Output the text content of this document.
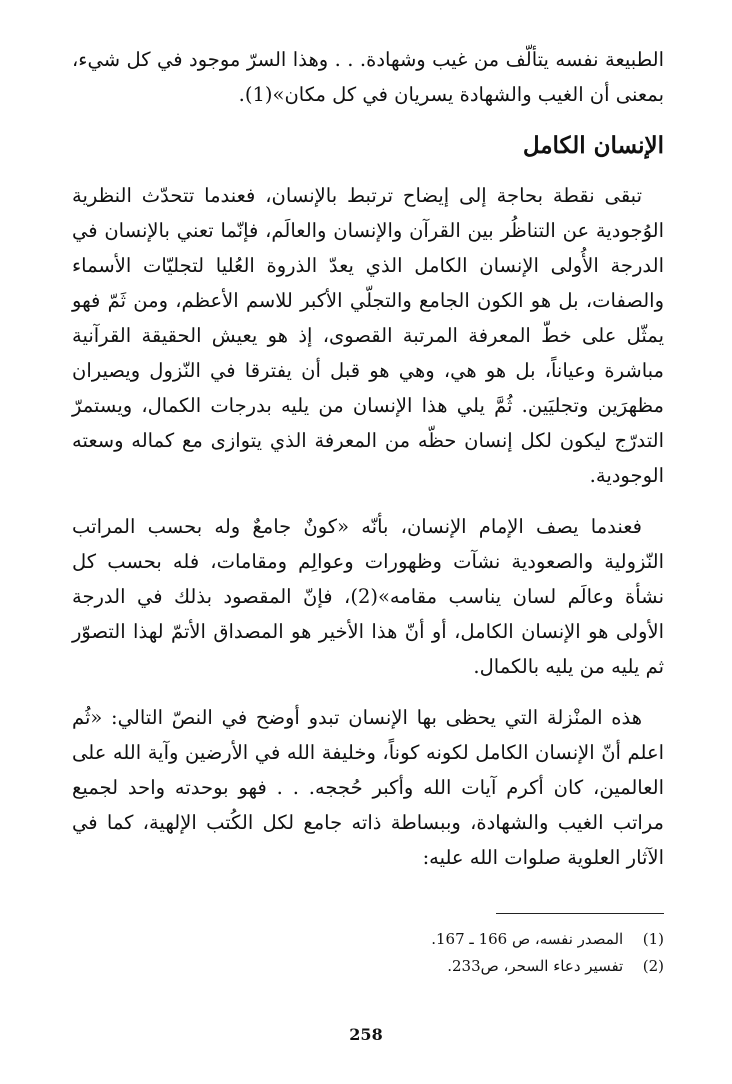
الطبيعة نفسه يتألّف من غيب وشهادة. . . وهذا السرّ موجود في كل شيء، بمعنى أن الغيب والشهادة يسريان في كل مكان»(1).

الإنسان الكامل

تبقى نقطة بحاجة إلى إيضاح ترتبط بالإنسان، فعندما تتحدّث النظرية الوُجودية عن التناظُر بين القرآن والإنسان والعالَم، فإنّما تعني بالإنسان في الدرجة الأُولى الإنسان الكامل الذي يعدّ الذروة العُليا لتجليّات الأسماء والصفات، بل هو الكون الجامع والتجلّي الأكبر للاسم الأعظم، ومن ثَمّ فهو يمثّل على خطّ المعرفة المرتبة القصوى، إذ هو يعيش الحقيقة القرآنية مباشرة وعياناً، بل هو هي، وهي هو قبل أن يفترقا في النّزول ويصيران مظهرَين وتجليَين. ثُمَّ يلي هذا الإنسان من يليه بدرجات الكمال، ويستمرّ التدرّج ليكون لكل إنسان حظّه من المعرفة الذي يتوازى مع كماله وسعته الوجودية.

فعندما يصف الإمام الإنسان، بأنّه «كونٌ جامعٌ وله بحسب المراتب النّزولية والصعودية نشآت وظهورات وعوالِم ومقامات، فله بحسب كل نشأة وعالَم لسان يناسب مقامه»(2)، فإنّ المقصود بذلك في الدرجة الأولى هو الإنسان الكامل، أو أنّ هذا الأخير هو المصداق الأتمّ لهذا التصوّر ثم يليه من يليه بالكمال.

هذه المنْزلة التي يحظى بها الإنسان تبدو أوضح في النصّ التالي: «ثُم اعلم أنّ الإنسان الكامل لكونه كوناً، وخليفة الله في الأرضين وآية الله على العالمين، كان أكرم آيات الله وأكبر حُججه. . . فهو بوحدته واحد لجميع مراتب الغيب والشهادة، وببساطة ذاته جامع لكل الكُتب الإلهية، كما في الآثار العلوية صلوات الله عليه:

(1) المصدر نفسه، ص 166 ـ 167.

(2) تفسير دعاء السحر، ص233.

258
